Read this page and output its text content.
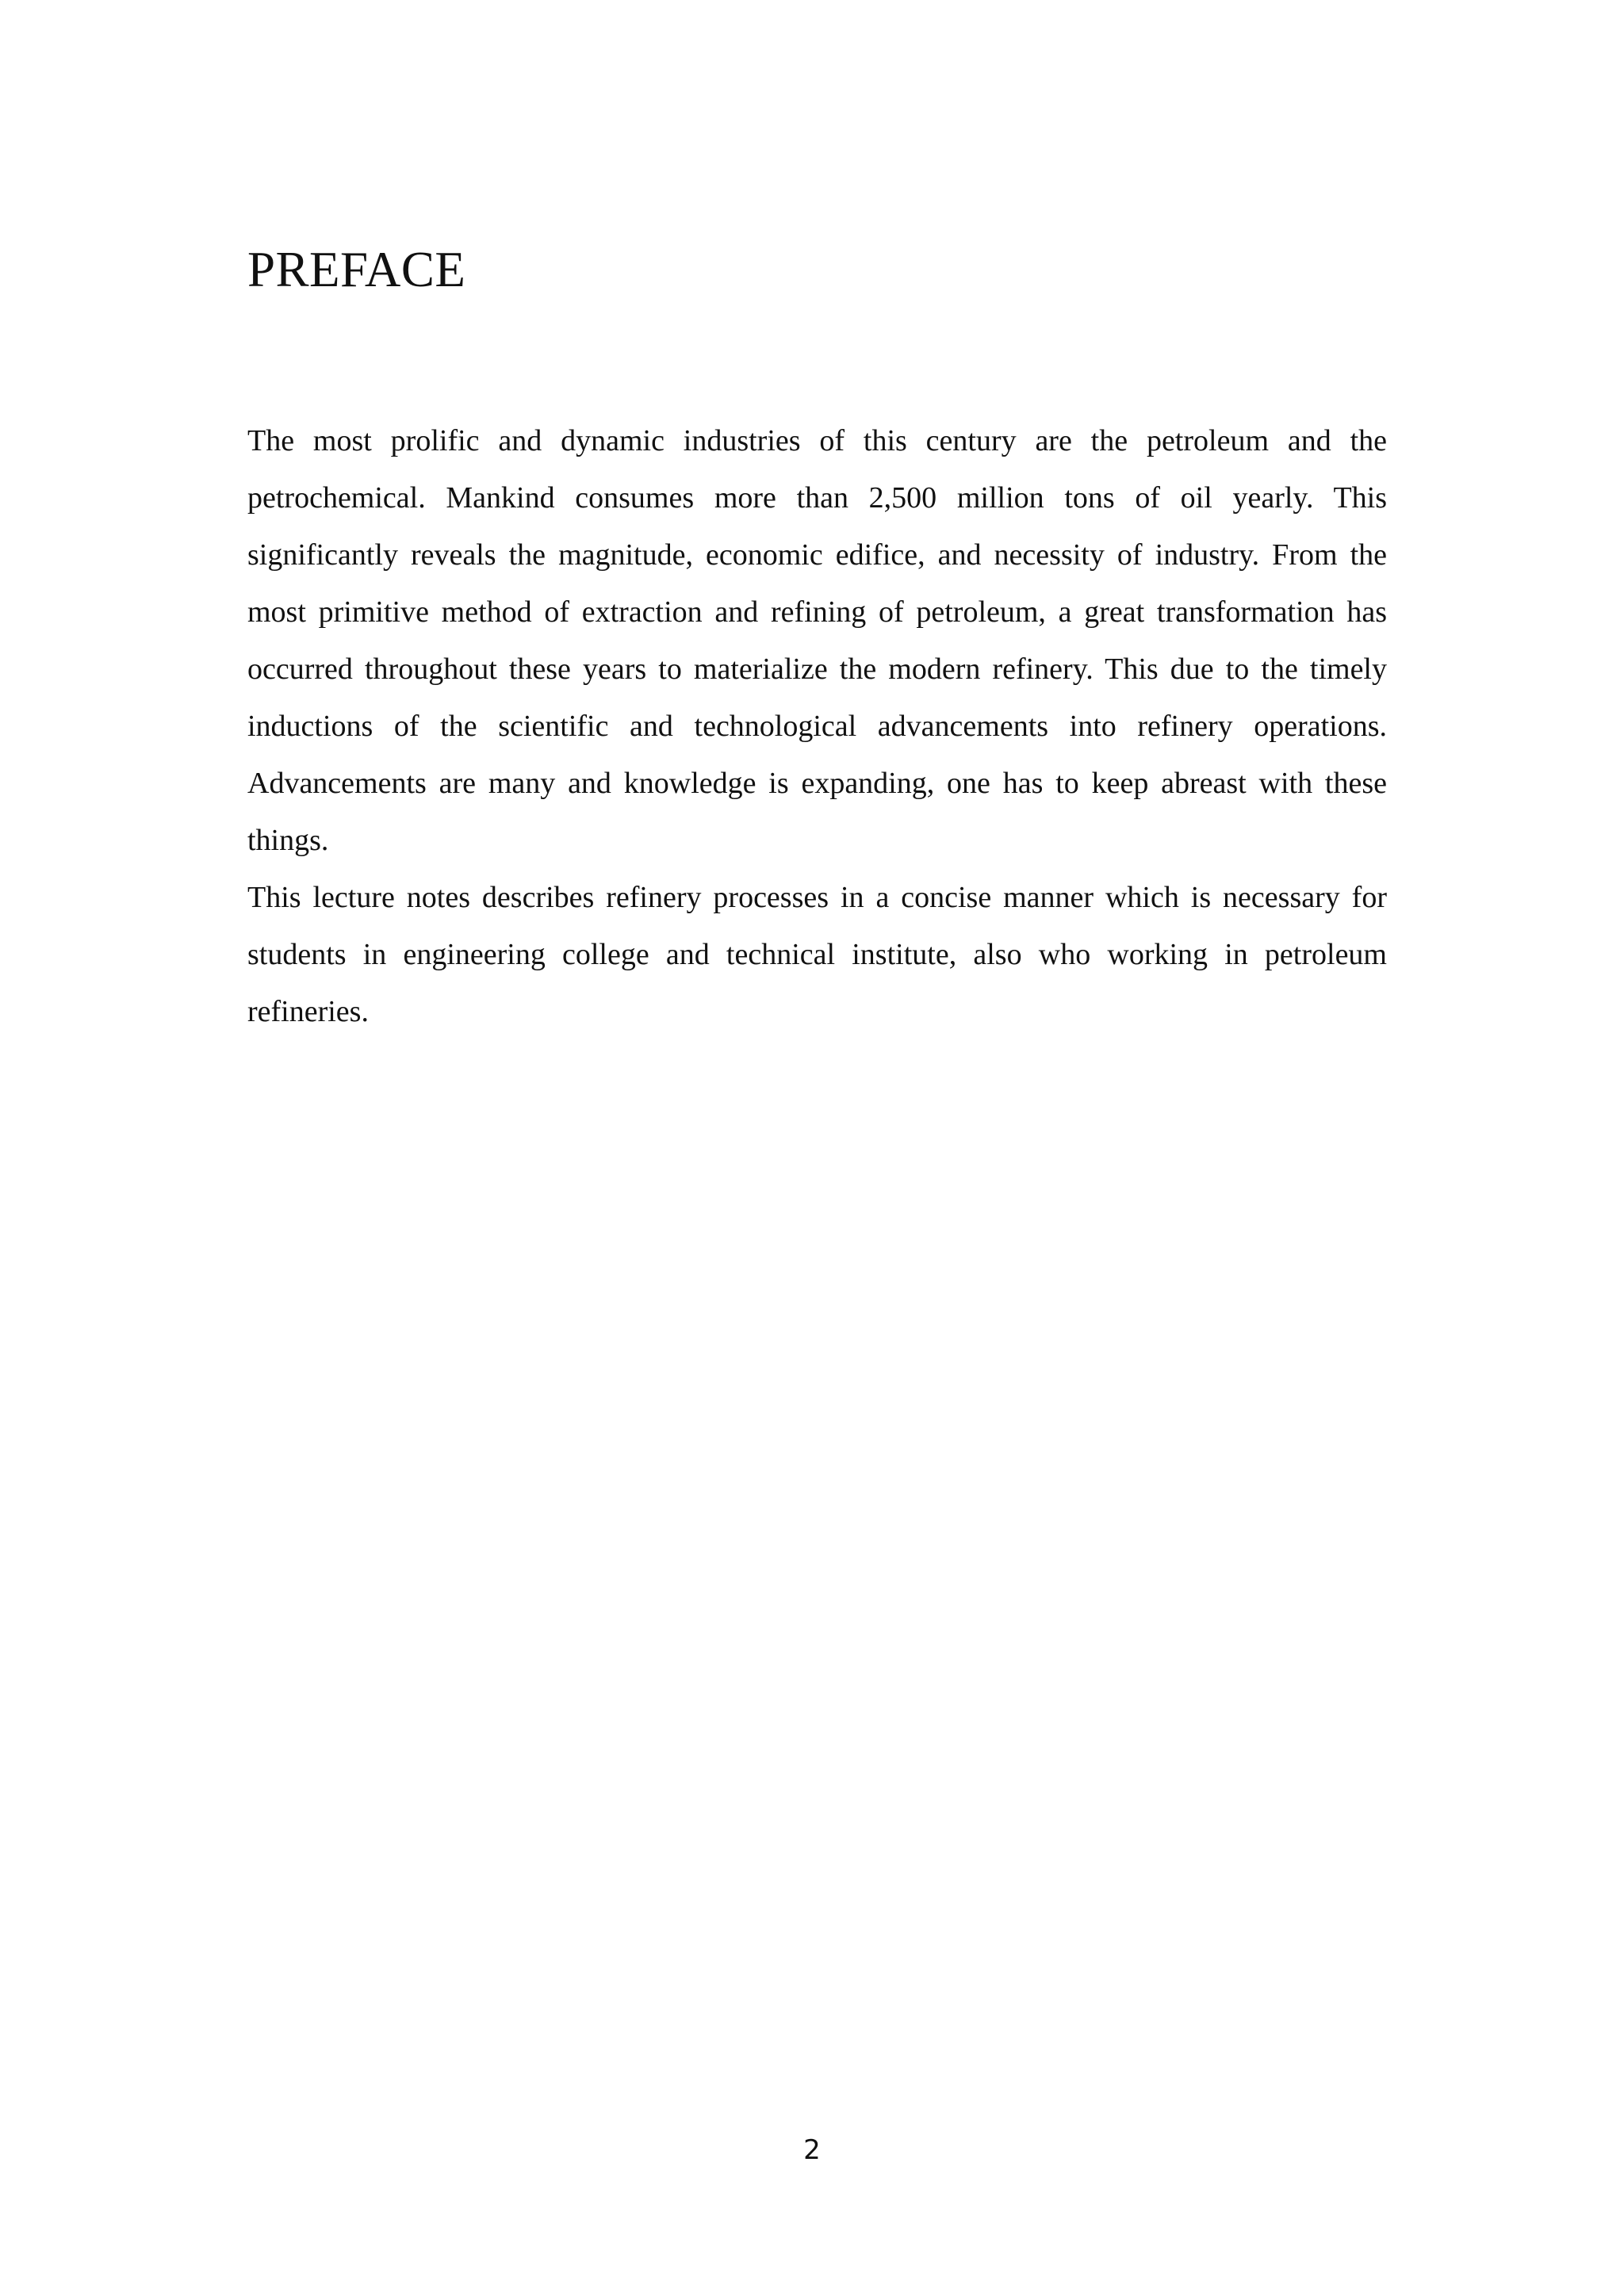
PREFACE

The most prolific and dynamic industries of this century are the petroleum and the petrochemical. Mankind consumes more than 2,500 million tons of oil yearly. This significantly reveals the magnitude, economic edifice, and necessity of industry. From the most primitive method of extraction and refining of petroleum, a great transformation has occurred throughout these years to materialize the modern refinery. This due to the timely inductions of the scientific and technological advancements into refinery operations. Advancements are many and knowledge is expanding, one has to keep abreast with these things.

This lecture notes describes refinery processes in a concise manner which is necessary for students in engineering college and technical institute, also who working in petroleum refineries.

2
